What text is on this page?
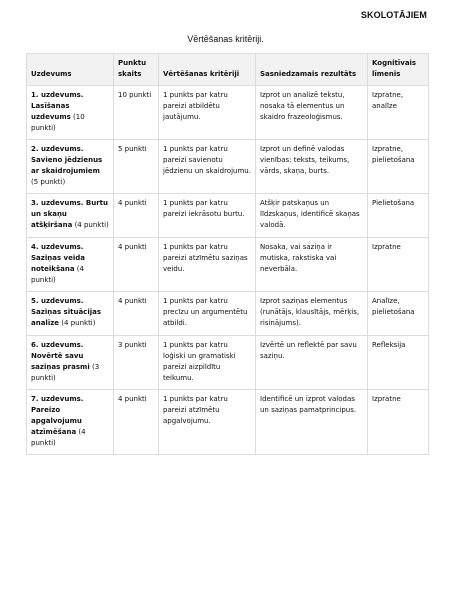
SKOLOTĀJIEM
Vērtēšanas kritēriji.
Uzdevums	Punktu skaits	Vērtēšanas kritēriji	Sasniedzamais rezultāts	Kognitīvais līmenis
1. uzdevums. Lasīšanas uzdevums (10 punkti)	10 punkti	1 punkts par katru pareizi atbildētu jautājumu.	Izprot un analizē tekstu, nosaka tā elementus un skaidro frazeoloģismus.	Izpratne, analīze
2. uzdevums. Savieno jēdzienus ar skaidrojumiem (5 punkti)	5 punkti	1 punkts par katru pareizi savienotu jēdzienu un skaidrojumu.	Izprot un definē valodas vienības: teksts, teikums, vārds, skaņa, burts.	Izpratne, pielietošana
3. uzdevums. Burtu un skaņu atšķiršana (4 punkti)	4 punkti	1 punkts par katru pareizi iekrāsotu burtu.	Atšķir patskaņus un līdzskaņus, identificē skaņas valodā.	Pielietošana
4. uzdevums. Saziņas veida noteikšana (4 punkti)	4 punkti	1 punkts par katru pareizi atzīmētu saziņas veidu.	Nosaka, vai saziņa ir mutiska, rakstiska vai neverbāla.	Izpratne
5. uzdevums. Saziņas situācijas analīze (4 punkti)	4 punkti	1 punkts par katru precīzu un argumentētu atbildi.	Izprot saziņas elementus (runātājs, klausītājs, mērķis, risinājums).	Analīze, pielietošana
6. uzdevums. Novērtē savu saziņas prasmi (3 punkti)	3 punkti	1 punkts par katru loģiski un gramatiski pareizi aizpildītu teikumu.	Izvērtē un reflektē par savu saziņu.	Refleksija
7. uzdevums. Pareizo apgalvojumu atzīmēšana (4 punkti)	4 punkti	1 punkts par katru pareizi atzīmētu apgalvojumu.	Identificē un izprot valodas un saziņas pamatprincipus.	Izpratne
